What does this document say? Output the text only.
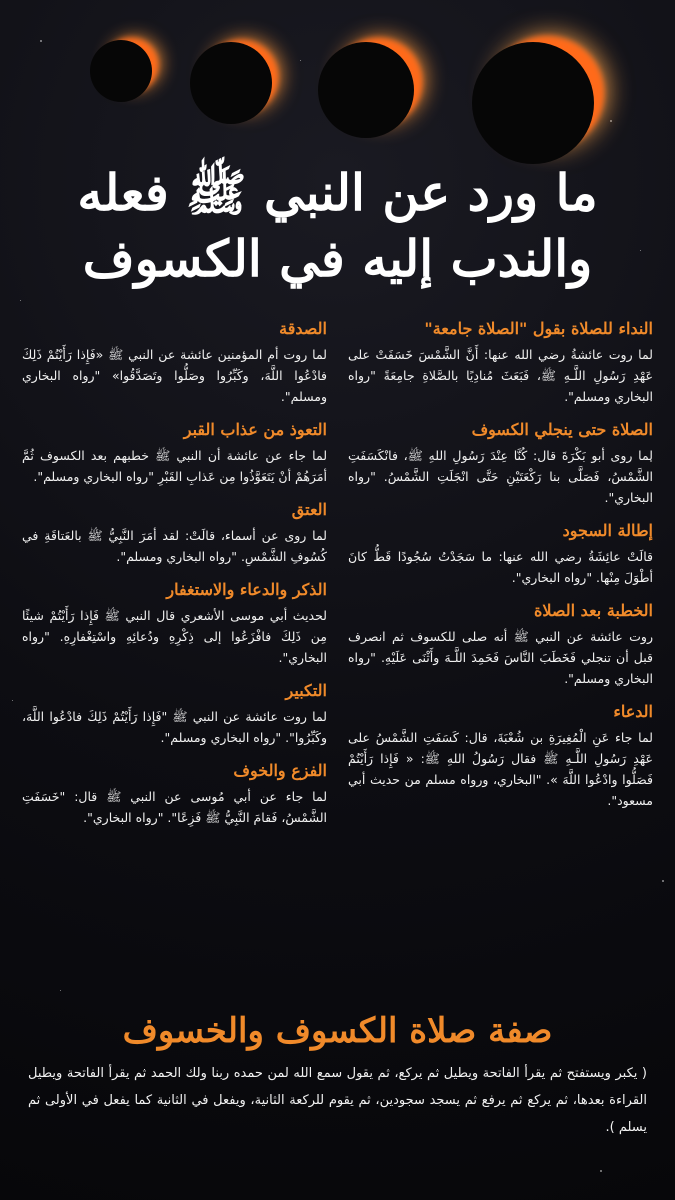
ما ورد عن النبي ﷺ فعله
والندب إليه في الكسوف

النداء للصلاة بقول "الصلاة جامعة"

لما روت عائشةُ رضي الله عنها: أَنَّ الشَّمْسَ خَسَفَتْ على عَهْدِ رَسُولِ اللَّـهِ ﷺ، فَبَعَثَ مُنادِيًا بالصَّلاةِ جامِعَةً "رواه البخاري ومسلم".

الصلاة حتى ينجلي الكسوف

لما روى أبو بَكْرَةَ قال: كُنَّا عِنْدَ رَسُولِ اللهِ ﷺ، فانْكَسَفَتِ الشَّمْسُ، فَصَلَّى بنا رَكْعَتَيْنِ حَتَّى انْجَلَتِ الشَّمْسُ. "رواه البخاري".

إطالة السجود

قالَتْ عائِشَةُ رضي الله عنها: ما سَجَدْتُ سُجُودًا قَطُّ كانَ أطْوَلَ مِنْها. "رواه البخاري".

الخطبة بعد الصلاة

روت عائشة عن النبي ﷺ أنه صلى للكسوف ثم انصرف قبل أن تنجلي فَخَطَبَ النَّاسَ فَحَمِدَ اللَّـهَ وأَثْنَى عَلَيْهِ. "رواه البخاري ومسلم".

الدعاء

لما جاء عَنِ الْمُغِيرَةِ بن شُعْبَةَ، قال: كَسَفَتِ الشَّمْسُ على عَهْدِ رَسُولِ اللَّـهِ ﷺ فقال رَسُولُ اللهِ ﷺ: « فَإِذا رَأَيْتُمْ فَصَلُّوا وادْعُوا اللَّهَ ». "البخاري، ورواه مسلم من حديث أبي مسعود".

الصدقة

لما روت أم المؤمنين عائشة عن النبي ﷺ «فَإِذا رَأَيْتُمْ ذَلِكَ فادْعُوا اللَّهَ، وكَبِّرُوا وصَلُّوا وتَصَدَّقُوا» "رواه البخاري ومسلم".

التعوذ من عذاب القبر

لما جاء عن عائشة أن النبي ﷺ خطبهم بعد الكسوف ثُمَّ أمَرَهُمْ أنْ يَتَعَوَّذُوا مِن عَذابِ القَبْرِ "رواه البخاري ومسلم".

العتق

لما روى عن أسماء، قالَتْ: لقد أمَرَ النَّبِيُّ ﷺ بالعَتاقَةِ في كُسُوفِ الشَّمْسِ. "رواه البخاري ومسلم".

الذكر والدعاء والاستغفار

لحديث أبي موسى الأشعري قال النبي ﷺ فَإِذا رَأَيْتُمْ شيئًا مِن ذَلِكَ فافْزَعُوا إلى ذِكْرِهِ ودُعائِهِ واسْتِغْفارِهِ. "رواه البخاري".

التكبير

لما روت عائشة عن النبي ﷺ "فَإِذا رَأَيْتُمْ ذَلِكَ فادْعُوا اللَّهَ، وكَبِّرُوا". "رواه البخاري ومسلم".

الفزع والخوف

لما جاء عن أبي مُوسى عن النبي ﷺ قال: "خَسَفَتِ الشَّمْسُ، فَقامَ النَّبِيُّ ﷺ فَزِعًا". "رواه البخاري".

صفة صلاة الكسوف والخسوف
( يكبر ويستفتح ثم يقرأ الفاتحة ويطيل ثم يركع، ثم يقول سمع الله لمن حمده ربنا ولك الحمد ثم يقرأ الفاتحة ويطيل القراءة بعدها، ثم يركع ثم يرفع ثم يسجد سجودين، ثم يقوم للركعة الثانية، ويفعل في الثانية كما يفعل في الأولى ثم يسلم ).
